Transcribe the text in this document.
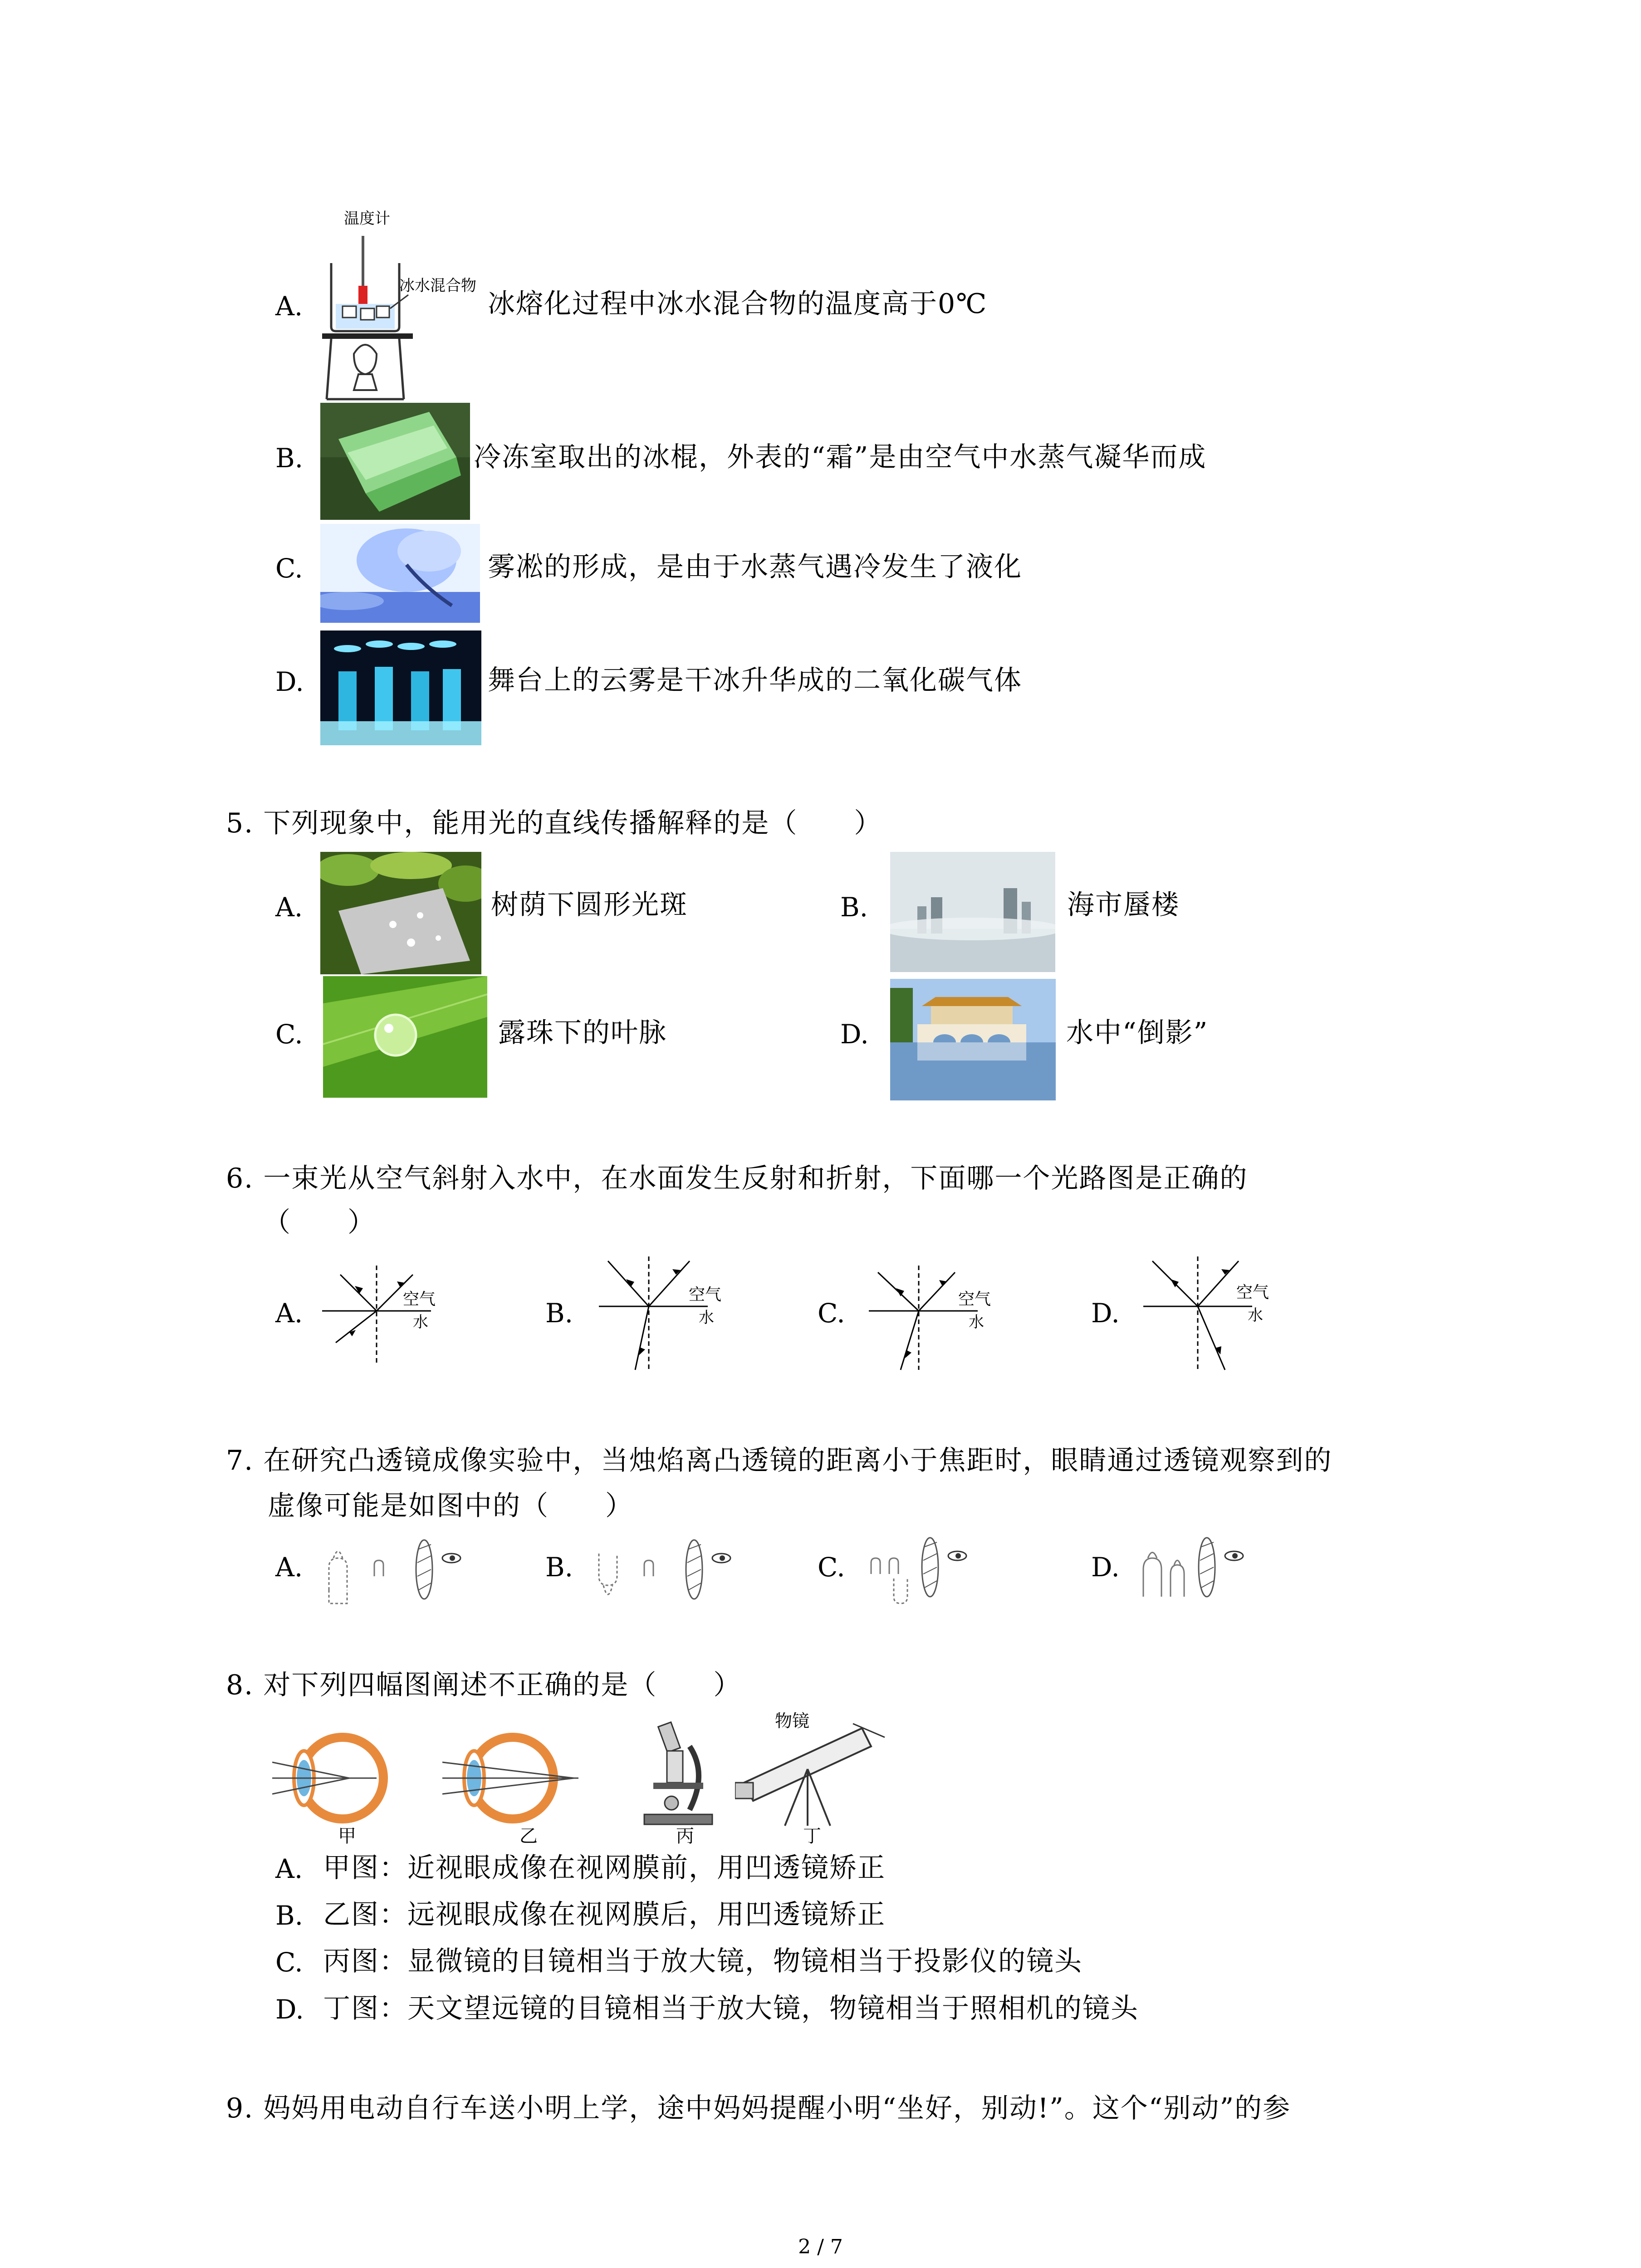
A.
温度计
冰水混合物
冰熔化过程中冰水混合物的温度高于0℃
B.	冷冻室取出的冰棍，外表的“霜”是由空气中水蒸气凝华而成
C.	雾凇的形成，是由于水蒸气遇冷发生了液化
D.	舞台上的云雾是干冰升华成的二氧化碳气体
5. 下列现象中，能用光的直线传播解释的是（　　）
A.	树荫下圆形光斑	B.	海市蜃楼
C.	露珠下的叶脉	D.	水中“倒影”
6. 一束光从空气斜射入水中，在水面发生反射和折射，下面哪一个光路图是正确的
（　　）
A.	空气
水	B.
空气
水	C.	空气
水	D.
空气
水
7. 在研究凸透镜成像实验中，当烛焰离凸透镜的距离小于焦距时，眼睛通过透镜观察到的
虚像可能是如图中的（　　）
A.	B.	C.	D.
8. 对下列四幅图阐述不正确的是（　　）
物镜
甲	乙	丙	丁
A. 甲图：近视眼成像在视网膜前，用凹透镜矫正
B. 乙图：远视眼成像在视网膜后，用凹透镜矫正
C. 丙图：显微镜的目镜相当于放大镜，物镜相当于投影仪的镜头
D. 丁图：天文望远镜的目镜相当于放大镜，物镜相当于照相机的镜头
9. 妈妈用电动自行车送小明上学，途中妈妈提醒小明“坐好，别动!”。这个“别动”的参
2 / 7
